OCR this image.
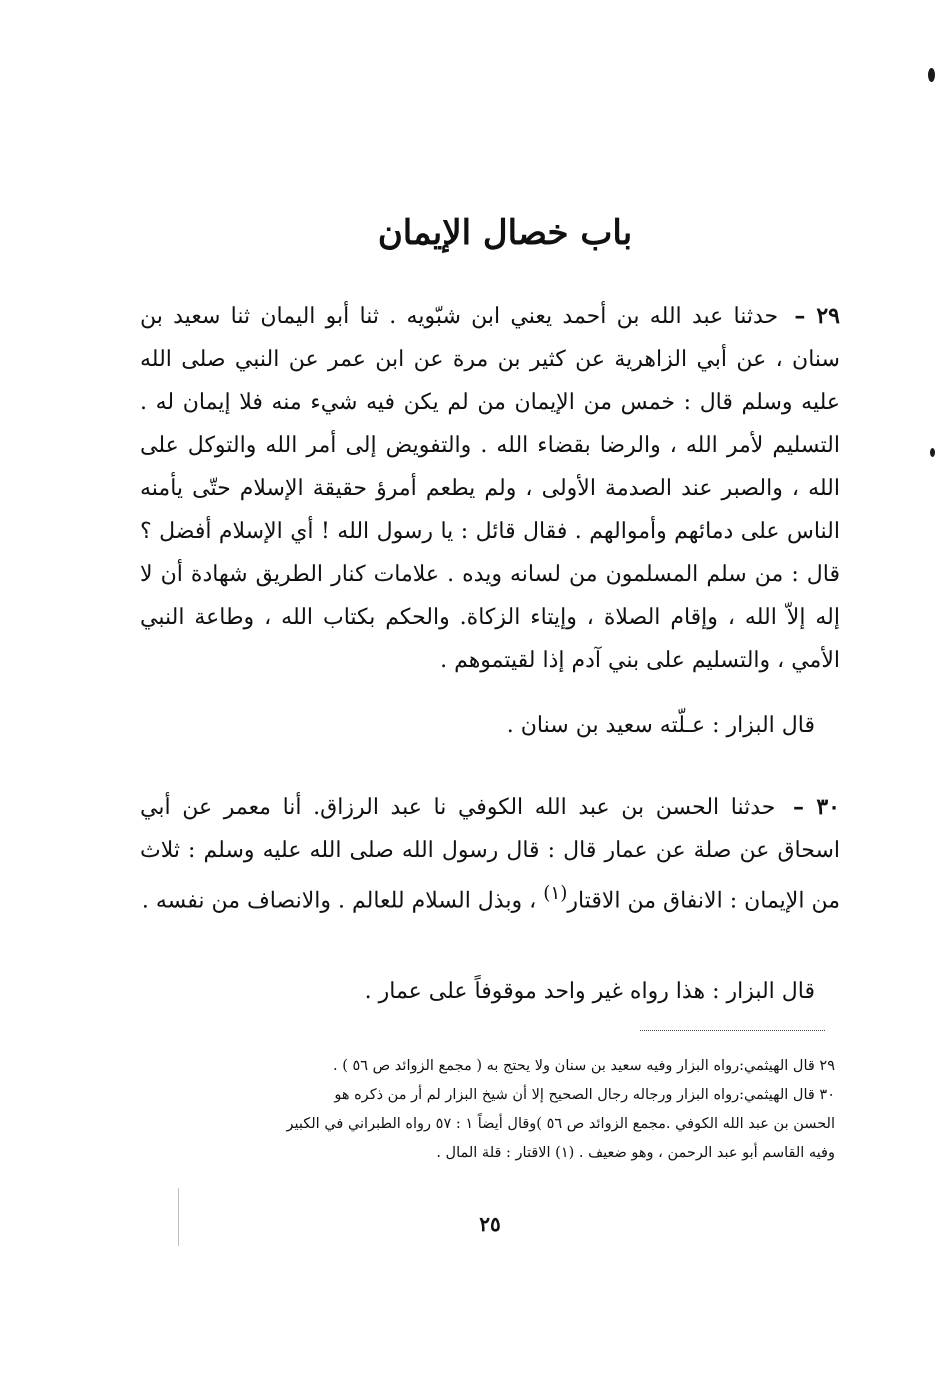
باب خصال الإيمان
٢٩ – حدثنا عبد الله بن أحمد يعني ابن شبّويه . ثنا أبو اليمان ثنا سعيد بن سنان ، عن أبي الزاهرية عن كثير بن مرة عن ابن عمر عن النبي صلى الله عليه وسلم قال : خمس من الإيمان من لم يكن فيه شيء منه فلا إيمان له . التسليم لأمر الله ، والرضا بقضاء الله . والتفويض إلى أمر الله والتوكل على الله ، والصبر عند الصدمة الأولى ، ولم يطعم أمرؤ حقيقة الإسلام حتّى يأمنه الناس على دمائهم وأموالهم . فقال قائل : يا رسول الله ! أي الإسلام أفضل ؟ قال : من سلم المسلمون من لسانه ويده . علامات كنار الطريق شهادة أن لا إله إلاّ الله ، وإقام الصلاة ، وإيتاء الزكاة. والحكم بكتاب الله ، وطاعة النبي الأمي ، والتسليم على بني آدم إذا لقيتموهم .
قال البزار : عـلّته سعيد بن سنان .
٣٠ – حدثنا الحسن بن عبد الله الكوفي نا عبد الرزاق. أنا معمر عن أبي اسحاق عن صلة عن عمار قال : قال رسول الله صلى الله عليه وسلم : ثلاث من الإيمان : الانفاق من الاقتار$^{(١)}$ ، وبذل السلام للعالم . والانصاف من نفسه .
قال البزار : هذا رواه غير واحد موقوفاً على عمار .

٢٩ قال الهيثمي:رواه البزار وفيه سعيد بن سنان ولا يحتج به ( مجمع الزوائد ص ٥٦ ) .

٣٠ قال الهيثمي:رواه البزار ورجاله رجال الصحيح إلا أن شيخ البزار لم أر من ذكره هو

الحسن بن عبد الله الكوفي .مجمع الزوائد ص ٥٦ )وقال أيضاً ١ : ٥٧ رواه الطبراني في الكبير

وفيه القاسم أبو عبد الرحمن ، وهو ضعيف . (١) الاقتار : قلة المال .

٢٥
